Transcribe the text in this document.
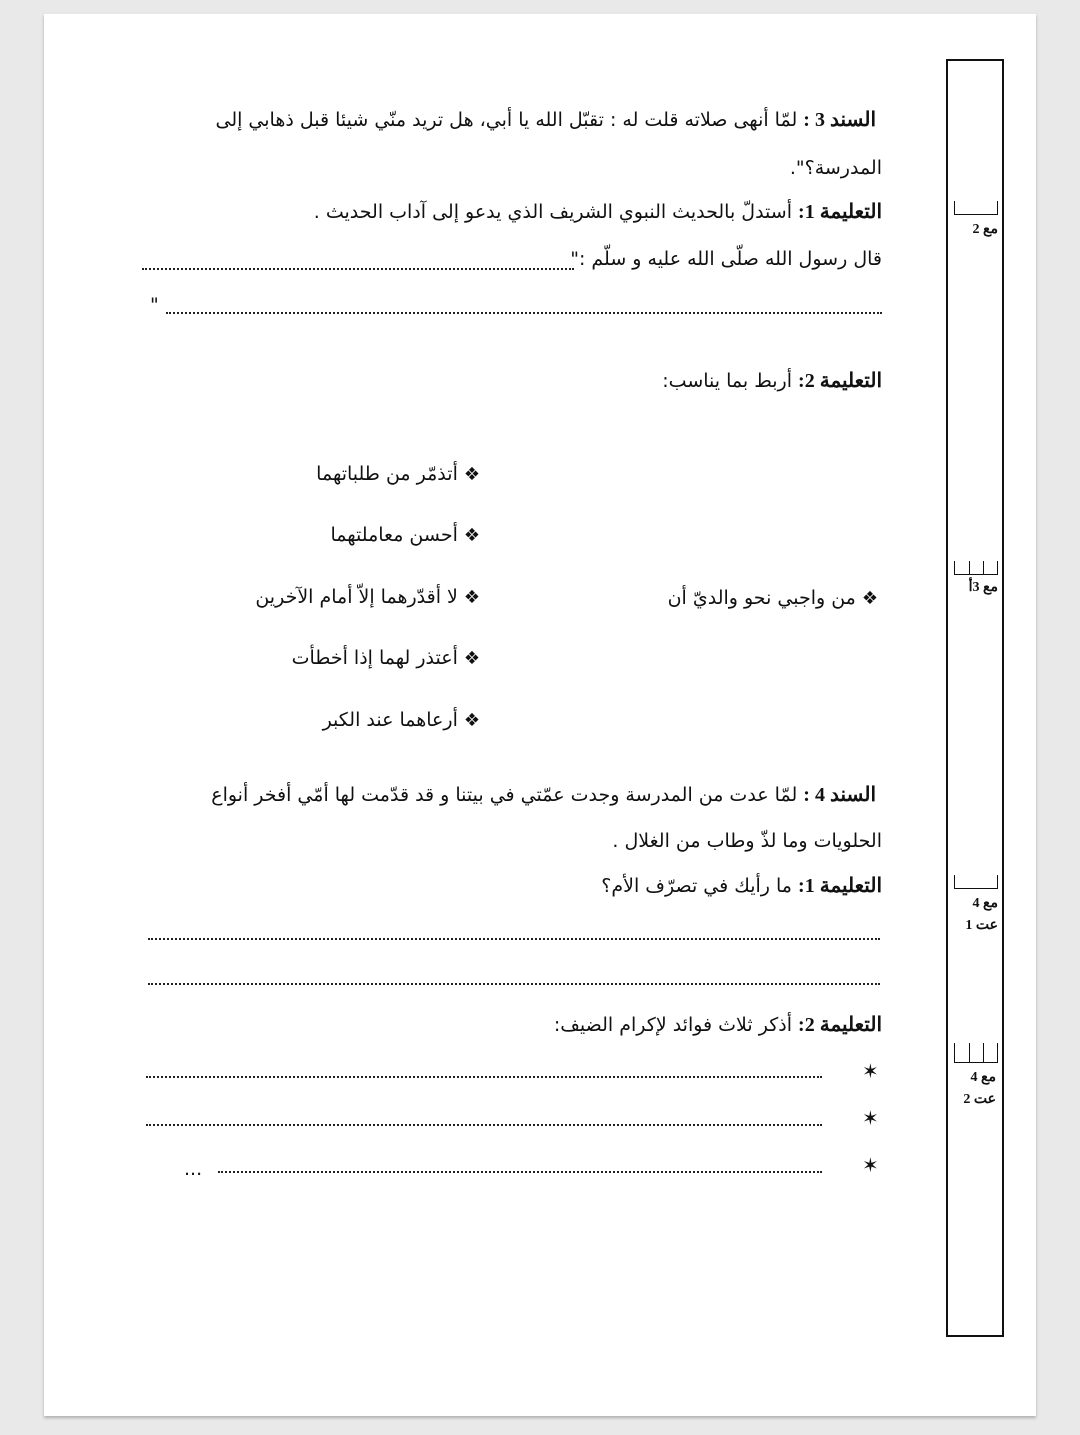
السند 3 : لمّا أنهى صلاته قلت له : تقبّل الله يا أبي، هل تريد منّي شيئا قبل ذهابي إلى
المدرسة؟".
التعليمة 1: أستدلّ بالحديث النبوي الشريف الذي يدعو إلى آداب الحديث .
قال رسول الله صلّى الله عليه و سلّم :"
"
التعليمة 2: أربط بما يناسب:
❖من واجبي نحو والديّ أن
❖أتذمّر من طلباتهما
❖أحسن معاملتهما
❖لا أقدّرهما إلاّ أمام الآخرين
❖أعتذر لهما إذا أخطأت
❖أرعاهما عند الكبر
السند 4 : لمّا عدت من المدرسة وجدت عمّتي في بيتنا و قد قدّمت لها أمّي أفخر أنواع
الحلويات وما لذّ وطاب من الغلال .
التعليمة 1: ما رأيك في تصرّف الأم؟
التعليمة 2: أذكر ثلاث فوائد لإكرام الضيف:
✶
✶
✶
...
مع 2
مع 3أ
مع 4
عت 1
مع 4
عت 2
